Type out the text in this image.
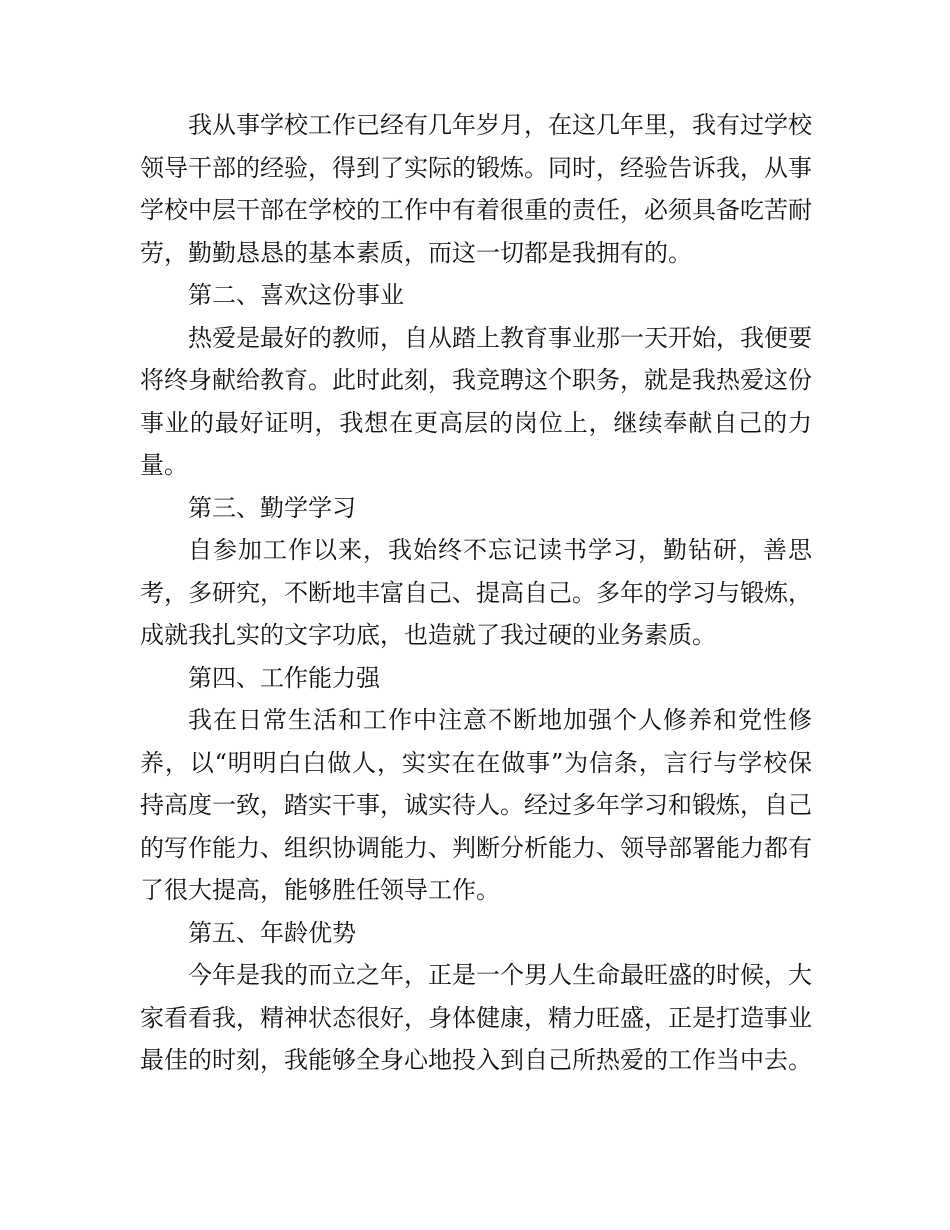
我从事学校工作已经有几年岁月，在这几年里，我有过学校领导干部的经验，得到了实际的锻炼。同时，经验告诉我，从事学校中层干部在学校的工作中有着很重的责任，必须具备吃苦耐劳，勤勤恳恳的基本素质，而这一切都是我拥有的。

第二、喜欢这份事业

热爱是最好的教师，自从踏上教育事业那一天开始，我便要将终身献给教育。此时此刻，我竞聘这个职务，就是我热爱这份事业的最好证明，我想在更高层的岗位上，继续奉献自己的力量。

第三、勤学学习

自参加工作以来，我始终不忘记读书学习，勤钻研，善思考，多研究，不断地丰富自己、提高自己。多年的学习与锻炼，成就我扎实的文字功底，也造就了我过硬的业务素质。

第四、工作能力强

我在日常生活和工作中注意不断地加强个人修养和党性修养，以“明明白白做人，实实在在做事”为信条，言行与学校保持高度一致，踏实干事，诚实待人。经过多年学习和锻炼，自己的写作能力、组织协调能力、判断分析能力、领导部署能力都有了很大提高，能够胜任领导工作。

第五、年龄优势

今年是我的而立之年，正是一个男人生命最旺盛的时候，大家看看我，精神状态很好，身体健康，精力旺盛，正是打造事业最佳的时刻，我能够全身心地投入到自己所热爱的工作当中去。
